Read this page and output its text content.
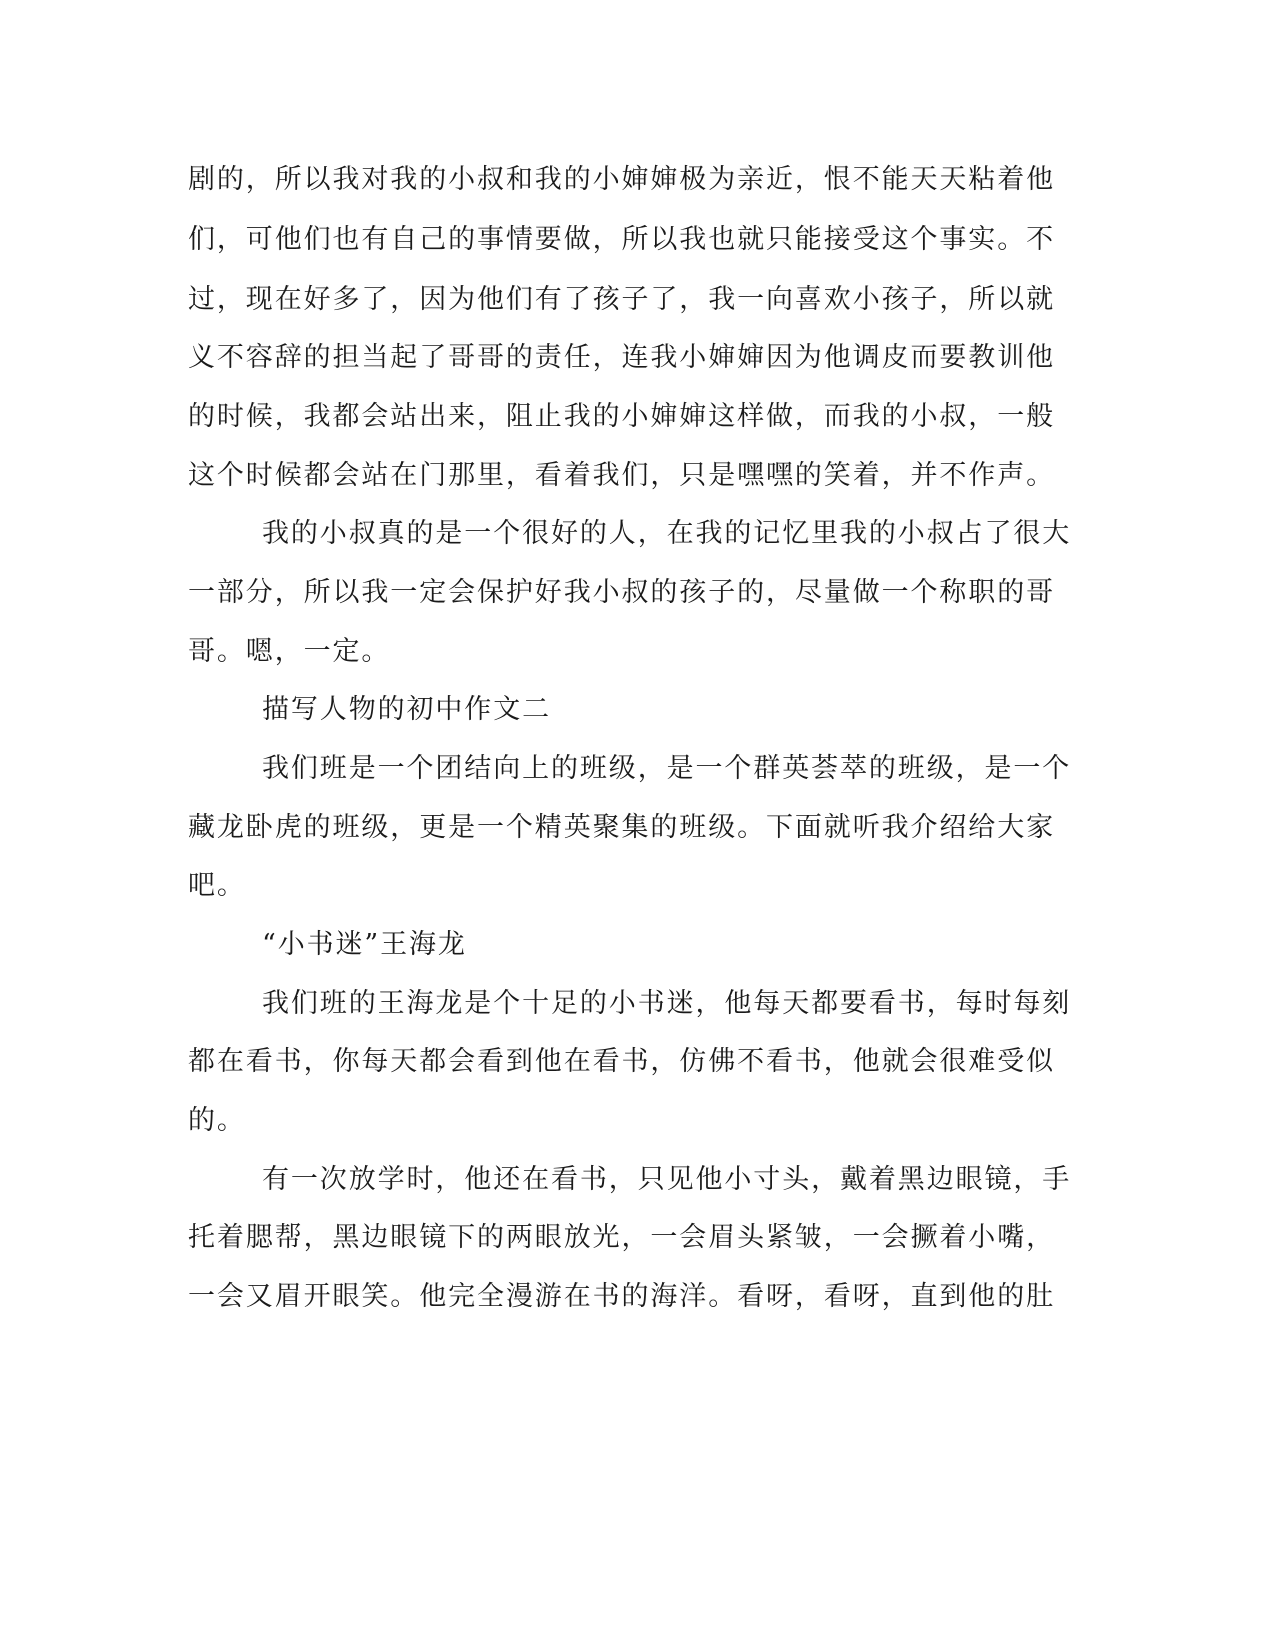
剧的，所以我对我的小叔和我的小婶婶极为亲近，恨不能天天粘着他
们，可他们也有自己的事情要做，所以我也就只能接受这个事实。不
过，现在好多了，因为他们有了孩子了，我一向喜欢小孩子，所以就
义不容辞的担当起了哥哥的责任，连我小婶婶因为他调皮而要教训他
的时候，我都会站出来，阻止我的小婶婶这样做，而我的小叔，一般
这个时候都会站在门那里，看着我们，只是嘿嘿的笑着，并不作声。
我的小叔真的是一个很好的人，在我的记忆里我的小叔占了很大
一部分，所以我一定会保护好我小叔的孩子的，尽量做一个称职的哥
哥。嗯，一定。
描写人物的初中作文二
我们班是一个团结向上的班级，是一个群英荟萃的班级，是一个
藏龙卧虎的班级，更是一个精英聚集的班级。下面就听我介绍给大家
吧。
“小书迷”王海龙
我们班的王海龙是个十足的小书迷，他每天都要看书，每时每刻
都在看书，你每天都会看到他在看书，仿佛不看书，他就会很难受似
的。
有一次放学时，他还在看书，只见他小寸头，戴着黑边眼镜，手
托着腮帮，黑边眼镜下的两眼放光，一会眉头紧皱，一会撅着小嘴，
一会又眉开眼笑。他完全漫游在书的海洋。看呀，看呀，直到他的肚
